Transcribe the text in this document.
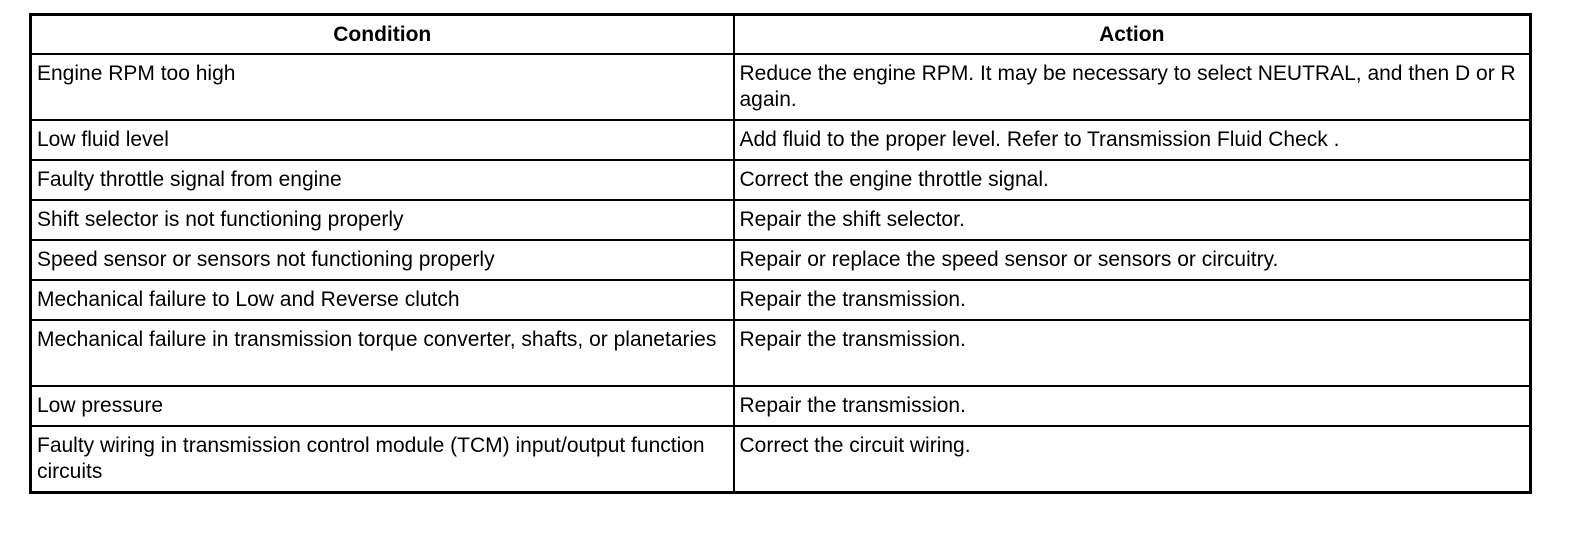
Condition	Action
Engine RPM too high	Reduce the engine RPM. It may be necessary to select NEUTRAL, and then D or R again.
Low fluid level	Add fluid to the proper level. Refer to Transmission Fluid Check .
Faulty throttle signal from engine	Correct the engine throttle signal.
Shift selector is not functioning properly	Repair the shift selector.
Speed sensor or sensors not functioning properly	Repair or replace the speed sensor or sensors or circuitry.
Mechanical failure to Low and Reverse clutch	Repair the transmission.
Mechanical failure in transmission torque converter, shafts, or planetaries	Repair the transmission.
Low pressure	Repair the transmission.
Faulty wiring in transmission control module (TCM) input/output function circuits	Correct the circuit wiring.
